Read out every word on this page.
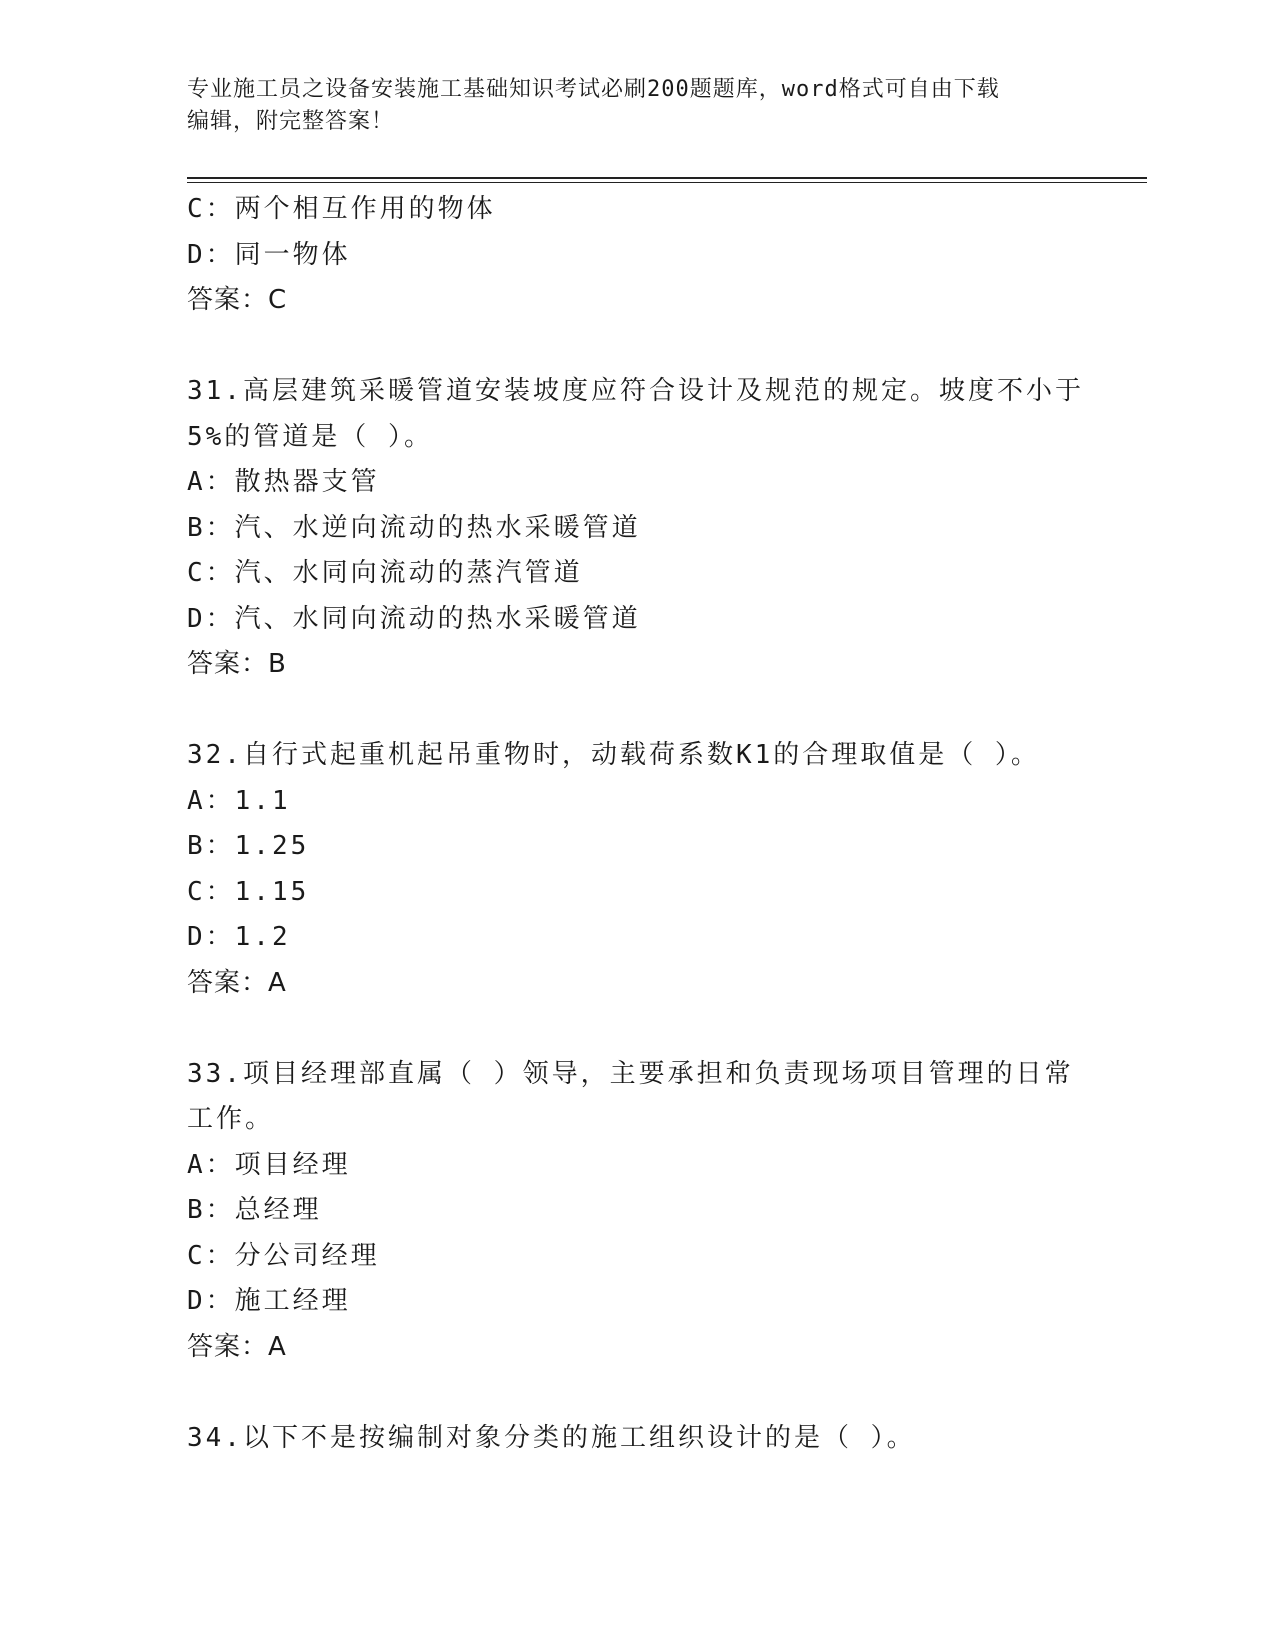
专业施工员之设备安装施工基础知识考试必刷200题题库，word格式可自由下载
编辑，附完整答案！
C：两个相互作用的物体
D：同一物体
答案：C
31.高层建筑采暖管道安装坡度应符合设计及规范的规定。坡度不小于
5%的管道是（ ）。
A：散热器支管
B：汽、水逆向流动的热水采暖管道
C：汽、水同向流动的蒸汽管道
D：汽、水同向流动的热水采暖管道
答案：B
32.自行式起重机起吊重物时，动载荷系数K1的合理取值是（ ）。
A：1.1
B：1.25
C：1.15
D：1.2
答案：A
33.项目经理部直属（ ）领导，主要承担和负责现场项目管理的日常
工作。
A：项目经理
B：总经理
C：分公司经理
D：施工经理
答案：A
34.以下不是按编制对象分类的施工组织设计的是（ ）。
